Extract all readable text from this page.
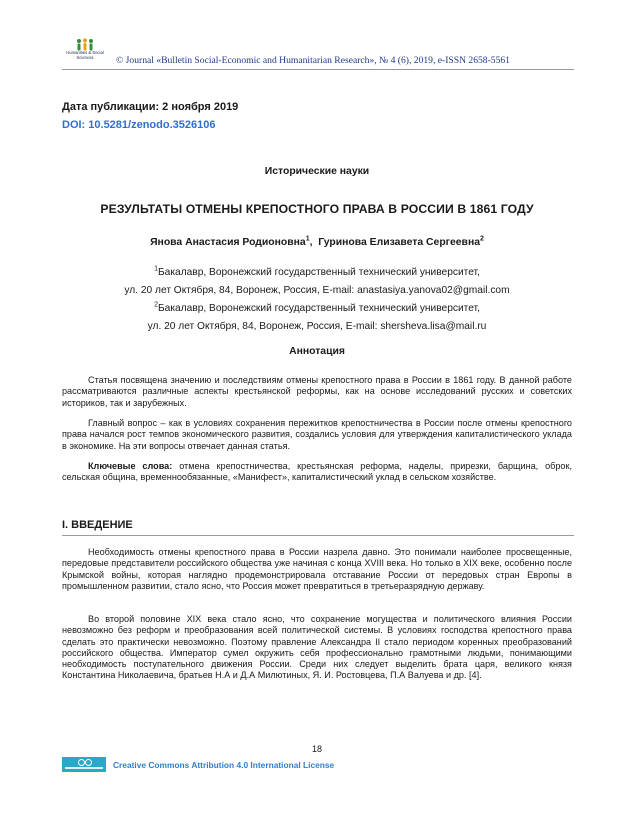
Humanities & Social Sciences	© Journal «Bulletin Social-Economic and Humanitarian Research», № 4 (6), 2019, e-ISSN 2658-5561
Дата публикации: 2 ноября 2019
DOI: 10.5281/zenodo.3526106
Исторические науки
РЕЗУЛЬТАТЫ ОТМЕНЫ КРЕПОСТНОГО ПРАВА В РОССИИ В 1861 ГОДУ
Янова Анастасия Родионовна$^1$,  Гуринова Елизавета Сергеевна$^2$
$^1$Бакалавр, Воронежский государственный технический университет,
ул. 20 лет Октября, 84, Воронеж, Россия, E-mail: anastasiya.yanova02@gmail.com
$^2$Бакалавр, Воронежский государственный технический университет,
ул. 20 лет Октября, 84, Воронеж, Россия, E-mail: shersheva.lisa@mail.ru
Аннотация
Статья посвящена значению и последствиям отмены крепостного права в России в 1861 году. В данной работе рассматриваются различные аспекты крестьянской реформы, как на основе исследований русских и советских историков, так и зарубежных.
Главный вопрос – как в условиях сохранения пережитков крепостничества в России после отмены крепостного права начался рост темпов экономического развития, создались условия для утверждения капиталистического уклада в экономике. На эти вопросы отвечает данная статья.
Ключевые слова: отмена крепостничества, крестьянская реформа, наделы, прирезки, барщина, оброк, сельская община, временнообязанные, «Манифест», капиталистический уклад в сельском хозяйстве.
I. ВВЕДЕНИЕ
Необходимость отмены крепостного права в России назрела давно. Это понимали наиболее просвещенные, передовые представители российского общества уже начиная с конца XVIII века. Но только в XIX веке, особенно после Крымской войны, которая наглядно продемонстрировала отставание России от передовых стран Европы в промышленном развитии, стало ясно, что Россия может превратиться в третьеразрядную державу.
Во второй половине XIX века стало ясно, что сохранение могущества и политического влияния России невозможно без реформ и преобразования всей политической системы. В условиях господства крепостного права сделать это практически невозможно. Поэтому правление Александра II стало периодом коренных преобразований российского общества. Император сумел окружить себя профессионально грамотными людьми, понимающими необходимость поступательного движения России. Среди них следует выделить брата царя, великого князя Константина Николаевича, братьев Н.А и Д.А Милютиных, Я. И. Ростовцева, П.А Валуева и др. [4].
18
Creative Commons Attribution 4.0 International License
